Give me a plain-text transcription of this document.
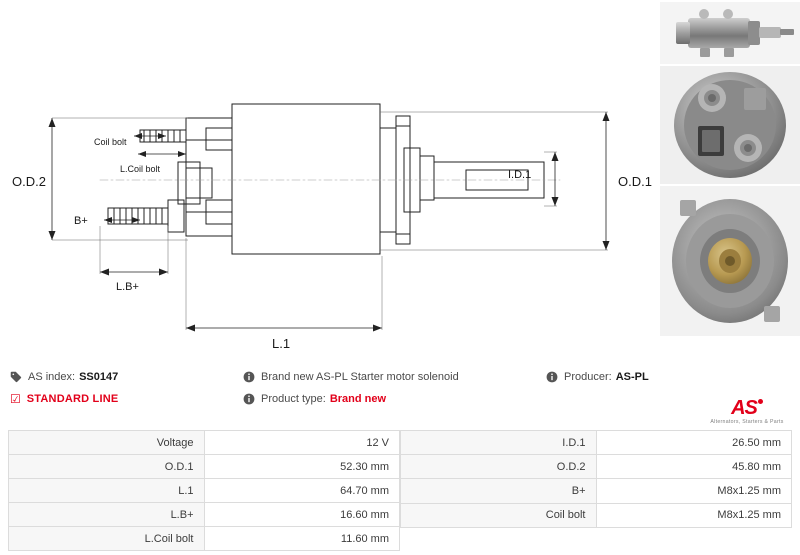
O.D.2	O.D.1
I.D.1
L.1
L.B+
B+
Coil bolt
L.Coil bolt
AS index: SS0147
☑ STANDARD LINE
Brand new AS-PL Starter motor solenoid
Product type: Brand new
Producer: AS-PL
AS
Alternators, Starters & Parts
Voltage	12 V
O.D.1	52.30 mm
L.1	64.70 mm
L.B+	16.60 mm
L.Coil bolt	11.60 mm
I.D.1	26.50 mm
O.D.2	45.80 mm
B+	M8x1.25 mm
Coil bolt	M8x1.25 mm
